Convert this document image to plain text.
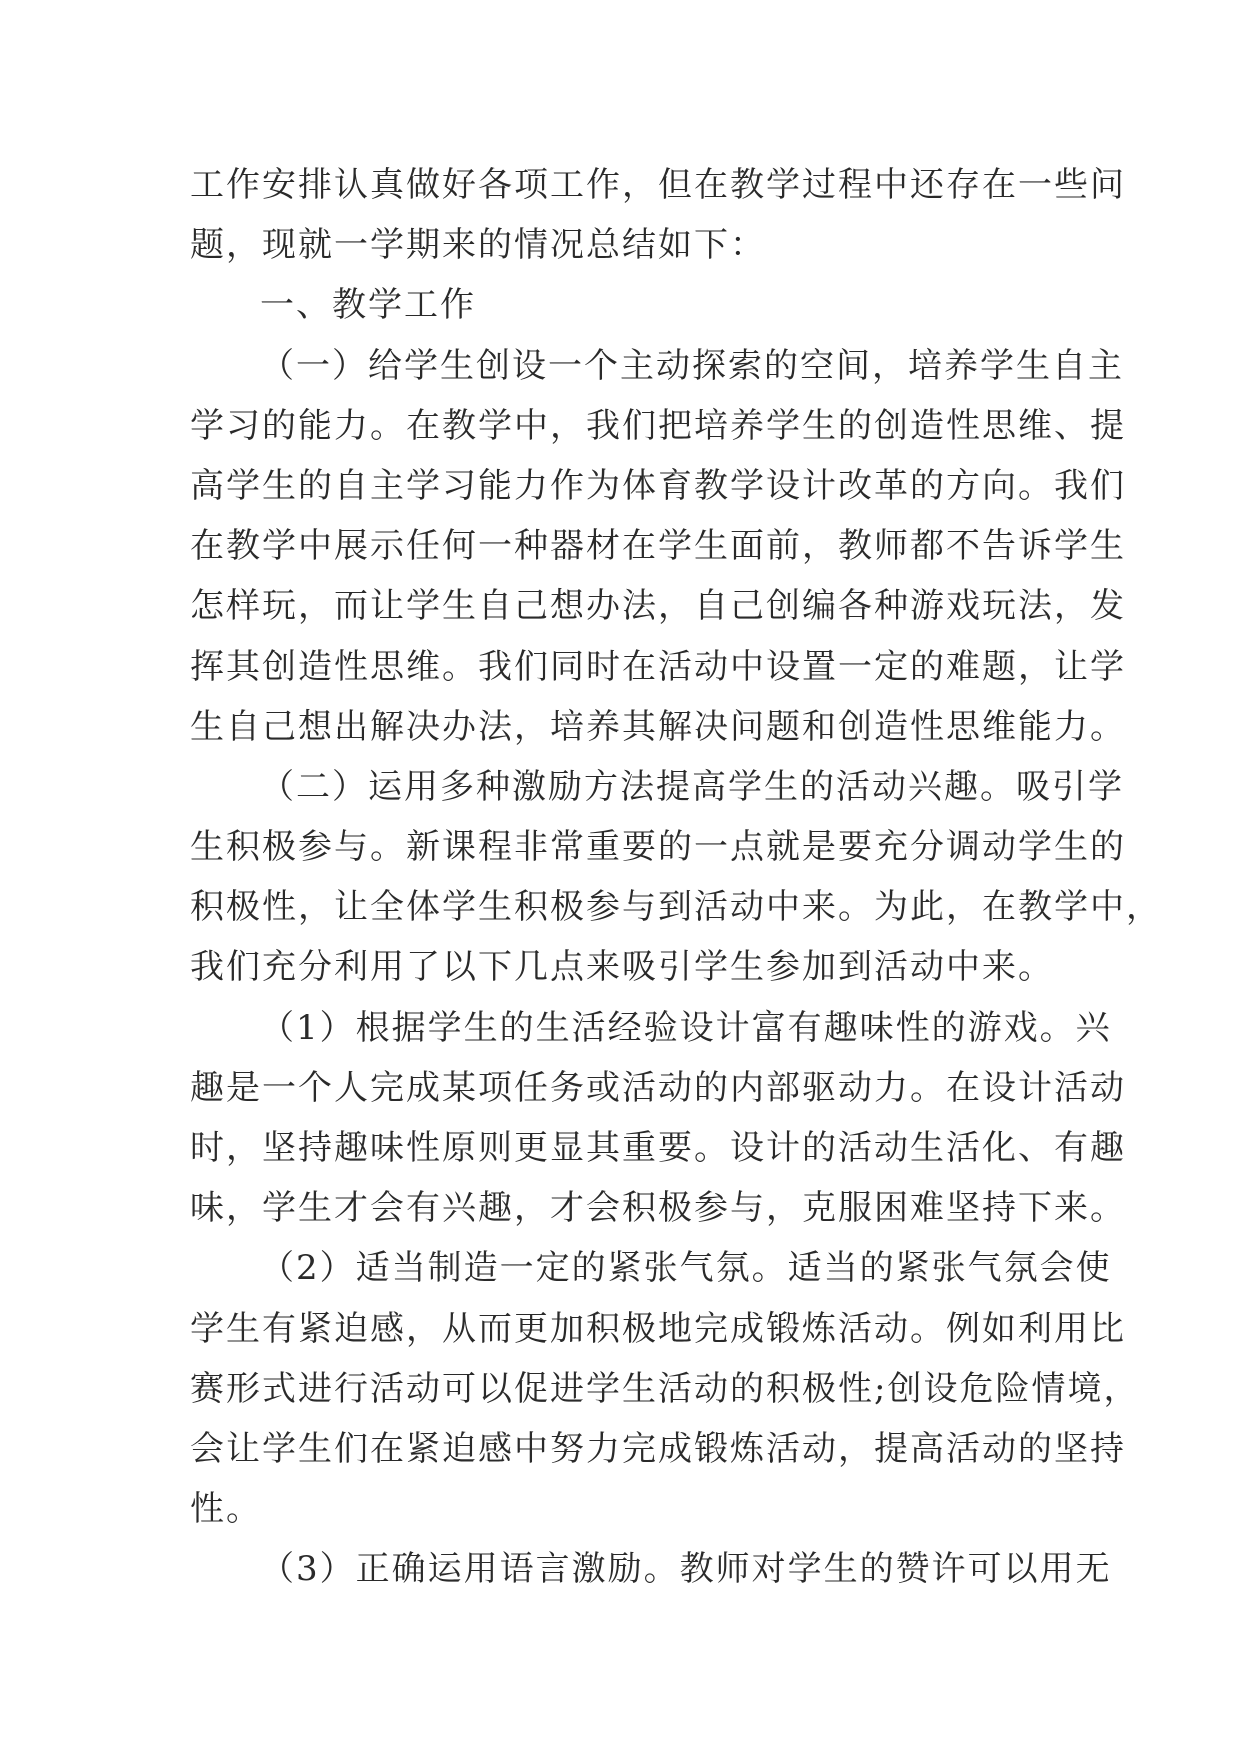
工作安排认真做好各项工作，但在教学过程中还存在一些问
题，现就一学期来的情况总结如下：
一、教学工作
（一）给学生创设一个主动探索的空间，培养学生自主
学习的能力。在教学中，我们把培养学生的创造性思维、提
高学生的自主学习能力作为体育教学设计改革的方向。我们
在教学中展示任何一种器材在学生面前，教师都不告诉学生
怎样玩，而让学生自己想办法，自己创编各种游戏玩法，发
挥其创造性思维。我们同时在活动中设置一定的难题，让学
生自己想出解决办法，培养其解决问题和创造性思维能力。
（二）运用多种激励方法提高学生的活动兴趣。吸引学
生积极参与。新课程非常重要的一点就是要充分调动学生的
积极性，让全体学生积极参与到活动中来。为此，在教学中，
我们充分利用了以下几点来吸引学生参加到活动中来。
（1）根据学生的生活经验设计富有趣味性的游戏。兴
趣是一个人完成某项任务或活动的内部驱动力。在设计活动
时，坚持趣味性原则更显其重要。设计的活动生活化、有趣
味，学生才会有兴趣，才会积极参与，克服困难坚持下来。
（2）适当制造一定的紧张气氛。适当的紧张气氛会使
学生有紧迫感，从而更加积极地完成锻炼活动。例如利用比
赛形式进行活动可以促进学生活动的积极性;创设危险情境，
会让学生们在紧迫感中努力完成锻炼活动，提高活动的坚持
性。
（3）正确运用语言激励。教师对学生的赞许可以用无
